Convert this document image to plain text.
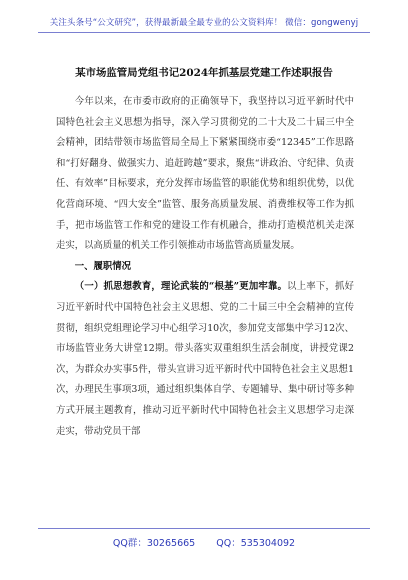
关注头条号“公文研究”，获得最新最全最专业的公文资料库！ 微信：gongwenyj
某市场监管局党组书记2024年抓基层党建工作述职报告

今年以来，在市委市政府的正确领导下，我坚持以习近平新时代中国特色社会主义思想为指导，深入学习贯彻党的二十大及二十届三中全会精神，团结带领市场监管局全局上下紧紧围绕市委“12345”工作思路和“打好翻身、做强实力、追赶跨越”要求，聚焦“讲政治、守纪律、负责任、有效率”目标要求，充分发挥市场监管的职能优势和组织优势，以优化营商环境、“四大安全”监管、服务高质量发展、消费维权等工作为抓手，把市场监管工作和党的建设工作有机融合，推动打造模范机关走深走实，以高质量的机关工作引领推动市场监管高质量发展。

一、履职情况

（一）抓思想教育，理论武装的“根基”更加牢靠。以上率下，抓好习近平新时代中国特色社会主义思想、党的二十届三中全会精神的宣传贯彻，组织党组理论学习中心组学习10次，参加党支部集中学习12次、市场监管业务大讲堂12期。带头落实双重组织生活会制度，讲授党课2次，为群众办实事5件，带头宣讲习近平新时代中国特色社会主义思想1次，办理民生事项3项，通过组织集体自学、专题辅导、集中研讨等多种方式开展主题教育，推动习近平新时代中国特色社会主义思想学习走深走实，带动党员干部

QQ群：30265665 QQ：535304092
